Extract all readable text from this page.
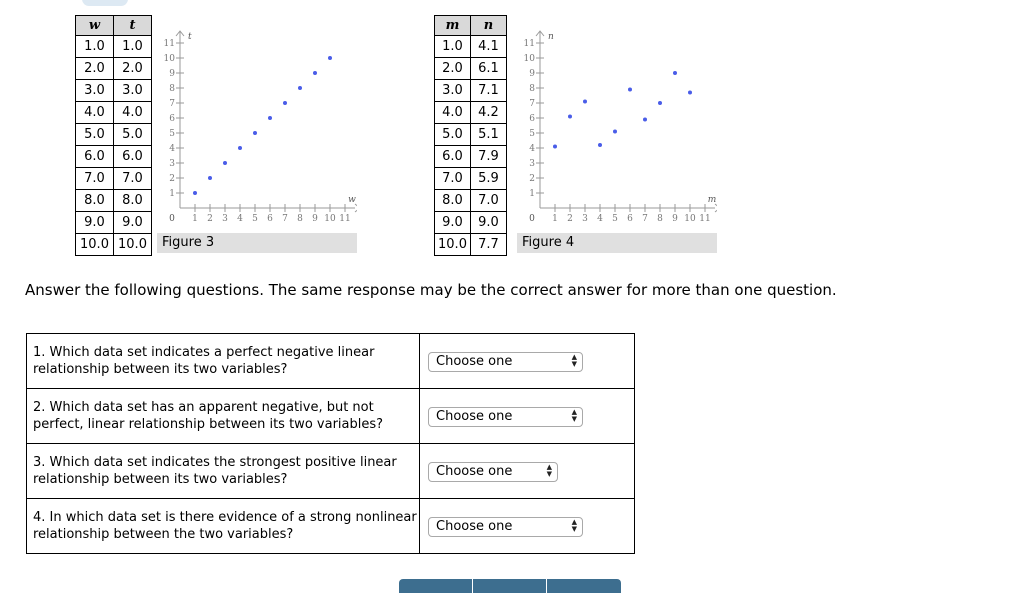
w	t
1.0	1.0
2.0	2.0
3.0	3.0
4.0	4.0
5.0	5.0
6.0	6.0
7.0	7.0
8.0	8.0
9.0	9.0
10.0	10.0
1 2 3 4 5 6 7 8 9 10 11
1
2
3
4
5
6
7
8
9
10
11
0
w
t
Figure 3
m	n
1.0	4.1
2.0	6.1
3.0	7.1
4.0	4.2
5.0	5.1
6.0	7.9
7.0	5.9
8.0	7.0
9.0	9.0
10.0	7.7
1 2 3 4 5 6 7 8 9 10 11
1
2
3
4
5
6
7
8
9
10
11
0
m
n
Figure 4
Answer the following questions. The same response may be the correct answer for more than one question.
1. Which data set indicates a perfect negative linear relationship between its two variables?	Choose one ▲
▼

2. Which data set has an apparent negative, but not perfect, linear relationship between its two variables?	Choose one ▲
▼

3. Which data set indicates the strongest positive linear relationship between its two variables?	Choose one ▲
▼

4. In which data set is there evidence of a strong nonlinear relationship between the two variables?	Choose one ▲
▼
